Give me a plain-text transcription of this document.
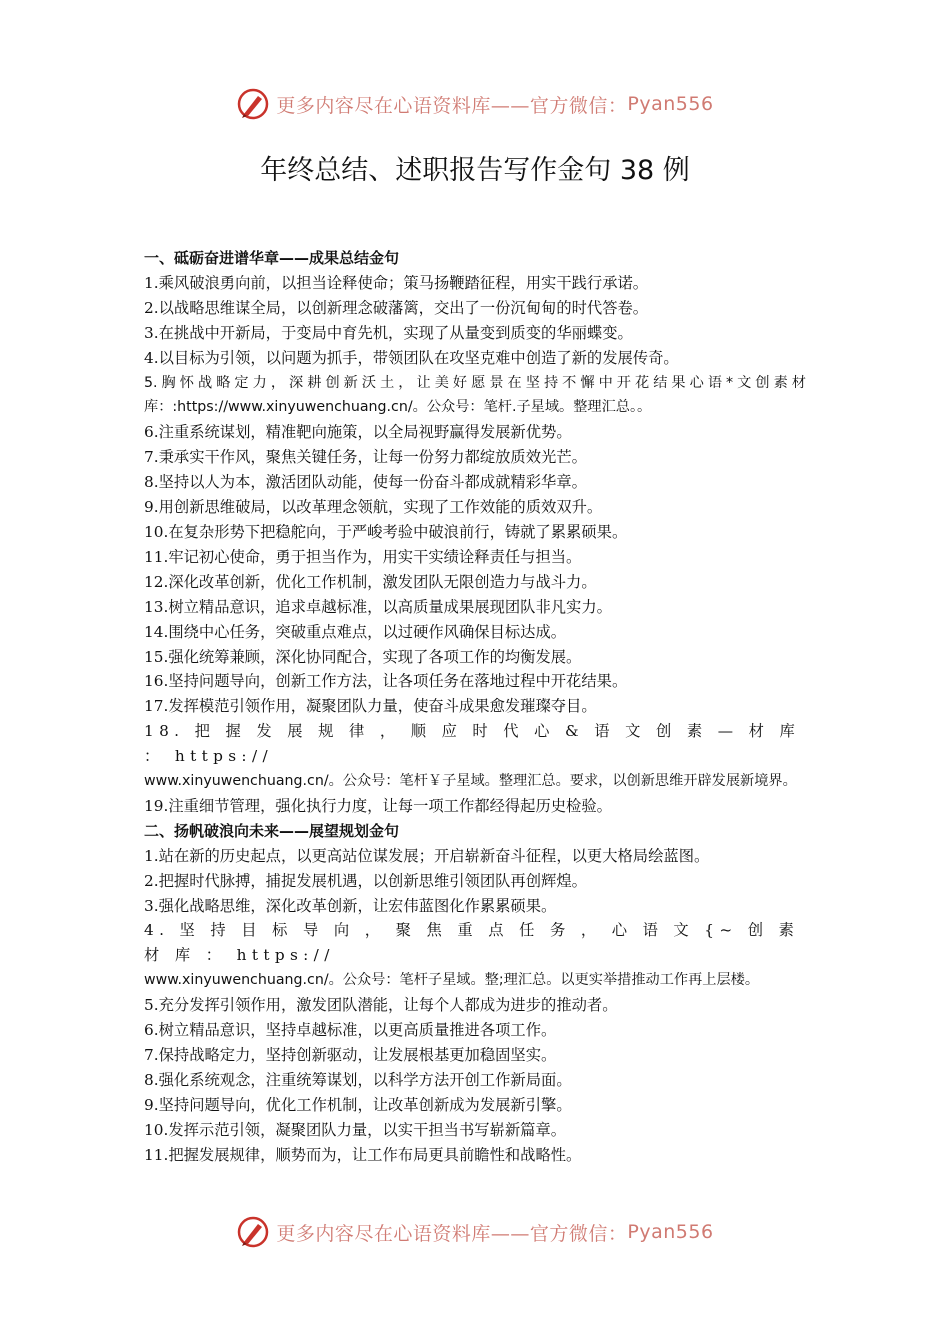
更多内容尽在心语资料库——官方微信： Pyan556
年终总结、述职报告写作金句 38 例

一、砥砺奋进谱华章——成果总结金句

1.乘风破浪勇向前，以担当诠释使命；策马扬鞭踏征程，用实干践行承诺。

2.以战略思维谋全局，以创新理念破藩篱，交出了一份沉甸甸的时代答卷。

3.在挑战中开新局，于变局中育先机，实现了从量变到质变的华丽蝶变。

4.以目标为引领，以问题为抓手，带领团队在攻坚克难中创造了新的发展传奇。

5.胸怀战略定力，深耕创新沃土，让美好愿景在坚持不懈中开花结果心语*文创素材库：:https://www.xinyuwenchuang.cn/。公众号：笔杆.子星域。整理汇总。。

6.注重系统谋划，精准靶向施策，以全局视野赢得发展新优势。

7.秉承实干作风，聚焦关键任务，让每一份努力都绽放质效光芒。

8.坚持以人为本，激活团队动能，使每一份奋斗都成就精彩华章。

9.用创新思维破局，以改革理念领航，实现了工作效能的质效双升。

10.在复杂形势下把稳舵向，于严峻考验中破浪前行，铸就了累累硕果。

11.牢记初心使命，勇于担当作为，用实干实绩诠释责任与担当。

12.深化改革创新，优化工作机制，激发团队无限创造力与战斗力。

13.树立精品意识，追求卓越标准，以高质量成果展现团队非凡实力。

14.围绕中心任务，突破重点难点，以过硬作风确保目标达成。

15.强化统筹兼顾，深化协同配合，实现了各项工作的均衡发展。

16.坚持问题导向，创新工作方法，让各项任务在落地过程中开花结果。

17.发挥模范引领作用，凝聚团队力量，使奋斗成果愈发璀璨夺目。

18. 把 握 发 展 规 律 ， 顺 应 时 代 心 & 语 文 创 素 — 材 库 ： https://

www.xinyuwenchuang.cn/。公众号：笔杆￥子星域。整理汇总。要求，以创新思维开辟发展新境界。

19.注重细节管理，强化执行力度，让每一项工作都经得起历史检验。

二、扬帆破浪向未来——展望规划金句

1.站在新的历史起点，以更高站位谋发展；开启崭新奋斗征程，以更大格局绘蓝图。

2.把握时代脉搏，捕捉发展机遇，以创新思维引领团队再创辉煌。

3.强化战略思维，深化改革创新，让宏伟蓝图化作累累硕果。

4. 坚 持 目 标 导 向 ， 聚 焦 重 点 任 务 ， 心 语 文 {~ 创 素 材 库 ： https://

www.xinyuwenchuang.cn/。公众号：笔杆子星域。整;理汇总。以更实举措推动工作再上层楼。

5.充分发挥引领作用，激发团队潜能，让每个人都成为进步的推动者。

6.树立精品意识，坚持卓越标准，以更高质量推进各项工作。

7.保持战略定力，坚持创新驱动，让发展根基更加稳固坚实。

8.强化系统观念，注重统筹谋划，以科学方法开创工作新局面。

9.坚持问题导向，优化工作机制，让改革创新成为发展新引擎。

10.发挥示范引领，凝聚团队力量，以实干担当书写崭新篇章。

11.把握发展规律，顺势而为，让工作布局更具前瞻性和战略性。

更多内容尽在心语资料库——官方微信： Pyan556
